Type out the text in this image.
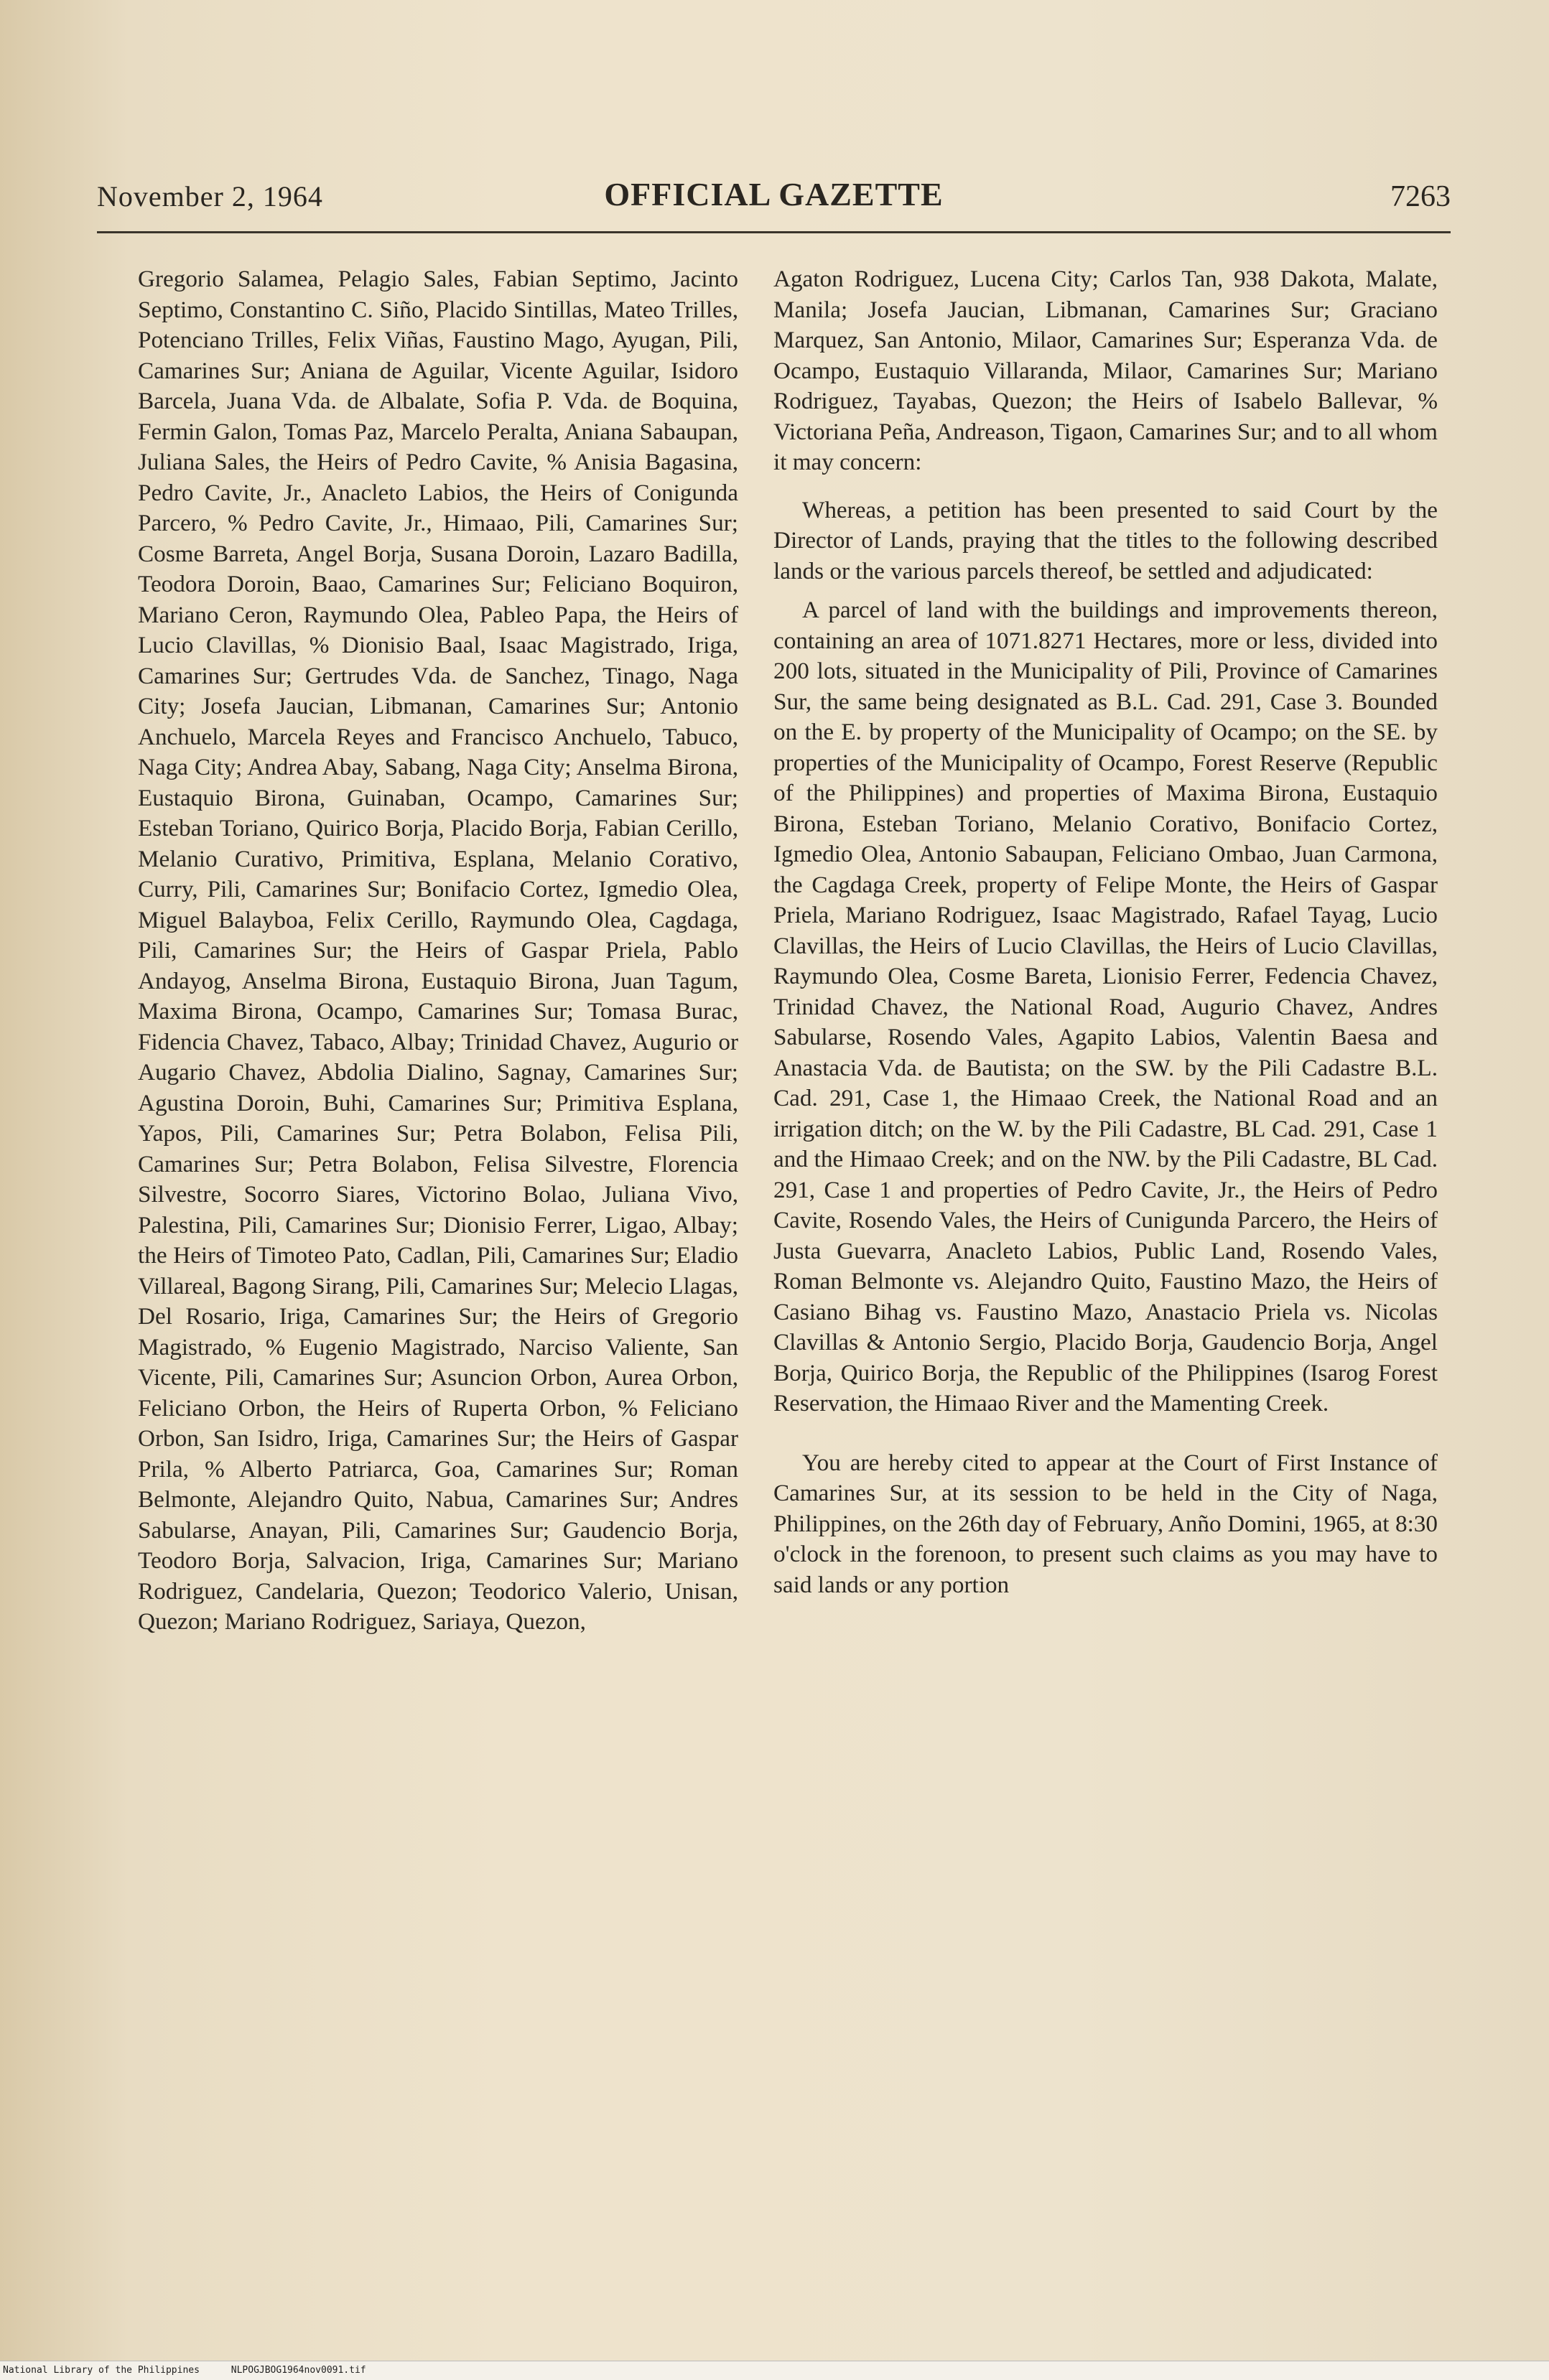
November 2, 1964	OFFICIAL GAZETTE	7263

Gregorio Salamea, Pelagio Sales, Fabian Septimo, Jacinto Septimo, Constantino C. Siño, Placido Sintillas, Mateo Trilles, Potenciano Trilles, Felix Viñas, Faustino Mago, Ayugan, Pili, Camarines Sur; Aniana de Aguilar, Vicente Aguilar, Isidoro Barcela, Juana Vda. de Albalate, Sofia P. Vda. de Boquina, Fermin Galon, Tomas Paz, Marcelo Peralta, Aniana Sabaupan, Juliana Sales, the Heirs of Pedro Cavite, % Anisia Bagasina, Pedro Cavite, Jr., Anacleto Labios, the Heirs of Conigunda Parcero, % Pedro Cavite, Jr., Himaao, Pili, Camarines Sur; Cosme Barreta, Angel Borja, Susana Doroin, Lazaro Badilla, Teodora Doroin, Baao, Camarines Sur; Feliciano Boquiron, Mariano Ceron, Raymundo Olea, Pableo Papa, the Heirs of Lucio Clavillas, % Dionisio Baal, Isaac Magistrado, Iriga, Camarines Sur; Gertrudes Vda. de Sanchez, Tinago, Naga City; Josefa Jaucian, Libmanan, Camarines Sur; Antonio Anchuelo, Marcela Reyes and Francisco Anchuelo, Tabuco, Naga City; Andrea Abay, Sabang, Naga City; Anselma Birona, Eustaquio Birona, Guinaban, Ocampo, Camarines Sur; Esteban Toriano, Quirico Borja, Placido Borja, Fabian Cerillo, Melanio Curativo, Primitiva, Esplana, Melanio Corativo, Curry, Pili, Camarines Sur; Bonifacio Cortez, Igmedio Olea, Miguel Balayboa, Felix Cerillo, Raymundo Olea, Cagdaga, Pili, Camarines Sur; the Heirs of Gaspar Priela, Pablo Andayog, Anselma Birona, Eustaquio Birona, Juan Tagum, Maxima Birona, Ocampo, Camarines Sur; Tomasa Burac, Fidencia Chavez, Tabaco, Albay; Trinidad Chavez, Augurio or Augario Chavez, Abdolia Dialino, Sagnay, Camarines Sur; Agustina Doroin, Buhi, Camarines Sur; Primitiva Esplana, Yapos, Pili, Camarines Sur; Petra Bolabon, Felisa Pili, Camarines Sur; Petra Bolabon, Felisa Silvestre, Florencia Silvestre, Socorro Siares, Victorino Bolao, Juliana Vivo, Palestina, Pili, Camarines Sur; Dionisio Ferrer, Ligao, Albay; the Heirs of Timoteo Pato, Cadlan, Pili, Camarines Sur; Eladio Villareal, Bagong Sirang, Pili, Camarines Sur; Melecio Llagas, Del Rosario, Iriga, Camarines Sur; the Heirs of Gregorio Magistrado, % Eugenio Magistrado, Narciso Valiente, San Vicente, Pili, Camarines Sur; Asuncion Orbon, Aurea Orbon, Feliciano Orbon, the Heirs of Ruperta Orbon, % Feliciano Orbon, San Isidro, Iriga, Camarines Sur; the Heirs of Gaspar Prila, % Alberto Patriarca, Goa, Camarines Sur; Roman Belmonte, Alejandro Quito, Nabua, Camarines Sur; Andres Sabularse, Anayan, Pili, Camarines Sur; Gaudencio Borja, Teodoro Borja, Salvacion, Iriga, Camarines Sur; Mariano Rodriguez, Candelaria, Quezon; Teodorico Valerio, Unisan, Quezon; Mariano Rodriguez, Sariaya, Quezon,

Agaton Rodriguez, Lucena City; Carlos Tan, 938 Dakota, Malate, Manila; Josefa Jaucian, Libmanan, Camarines Sur; Graciano Marquez, San Antonio, Milaor, Camarines Sur; Esperanza Vda. de Ocampo, Eustaquio Villaranda, Milaor, Camarines Sur; Mariano Rodriguez, Tayabas, Quezon; the Heirs of Isabelo Ballevar, % Victoriana Peña, Andreason, Tigaon, Camarines Sur; and to all whom it may concern:

Whereas, a petition has been presented to said Court by the Director of Lands, praying that the titles to the following described lands or the various parcels thereof, be settled and adjudicated:

A parcel of land with the buildings and improvements thereon, containing an area of 1071.8271 Hectares, more or less, divided into 200 lots, situated in the Municipality of Pili, Province of Camarines Sur, the same being designated as B.L. Cad. 291, Case 3. Bounded on the E. by property of the Municipality of Ocampo; on the SE. by properties of the Municipality of Ocampo, Forest Reserve (Republic of the Philippines) and properties of Maxima Birona, Eustaquio Birona, Esteban Toriano, Melanio Corativo, Bonifacio Cortez, Igmedio Olea, Antonio Sabaupan, Feliciano Ombao, Juan Carmona, the Cagdaga Creek, property of Felipe Monte, the Heirs of Gaspar Priela, Mariano Rodriguez, Isaac Magistrado, Rafael Tayag, Lucio Clavillas, the Heirs of Lucio Clavillas, the Heirs of Lucio Clavillas, Raymundo Olea, Cosme Bareta, Lionisio Ferrer, Fedencia Chavez, Trinidad Chavez, the National Road, Augurio Chavez, Andres Sabularse, Rosendo Vales, Agapito Labios, Valentin Baesa and Anastacia Vda. de Bautista; on the SW. by the Pili Cadastre B.L. Cad. 291, Case 1, the Himaao Creek, the National Road and an irrigation ditch; on the W. by the Pili Cadastre, BL Cad. 291, Case 1 and the Himaao Creek; and on the NW. by the Pili Cadastre, BL Cad. 291, Case 1 and properties of Pedro Cavite, Jr., the Heirs of Pedro Cavite, Rosendo Vales, the Heirs of Cunigunda Parcero, the Heirs of Justa Guevarra, Anacleto Labios, Public Land, Rosendo Vales, Roman Belmonte vs. Alejandro Quito, Faustino Mazo, the Heirs of Casiano Bihag vs. Faustino Mazo, Anastacio Priela vs. Nicolas Clavillas & Antonio Sergio, Placido Borja, Gaudencio Borja, Angel Borja, Quirico Borja, the Republic of the Philippines (Isarog Forest Reservation, the Himaao River and the Mamenting Creek.

You are hereby cited to appear at the Court of First Instance of Camarines Sur, at its session to be held in the City of Naga, Philippines, on the 26th day of February, Anño Domini, 1965, at 8:30 o'clock in the forenoon, to present such claims as you may have to said lands or any portion

National Library of the Philippines	NLPOGJBOG1964nov0091.tif
